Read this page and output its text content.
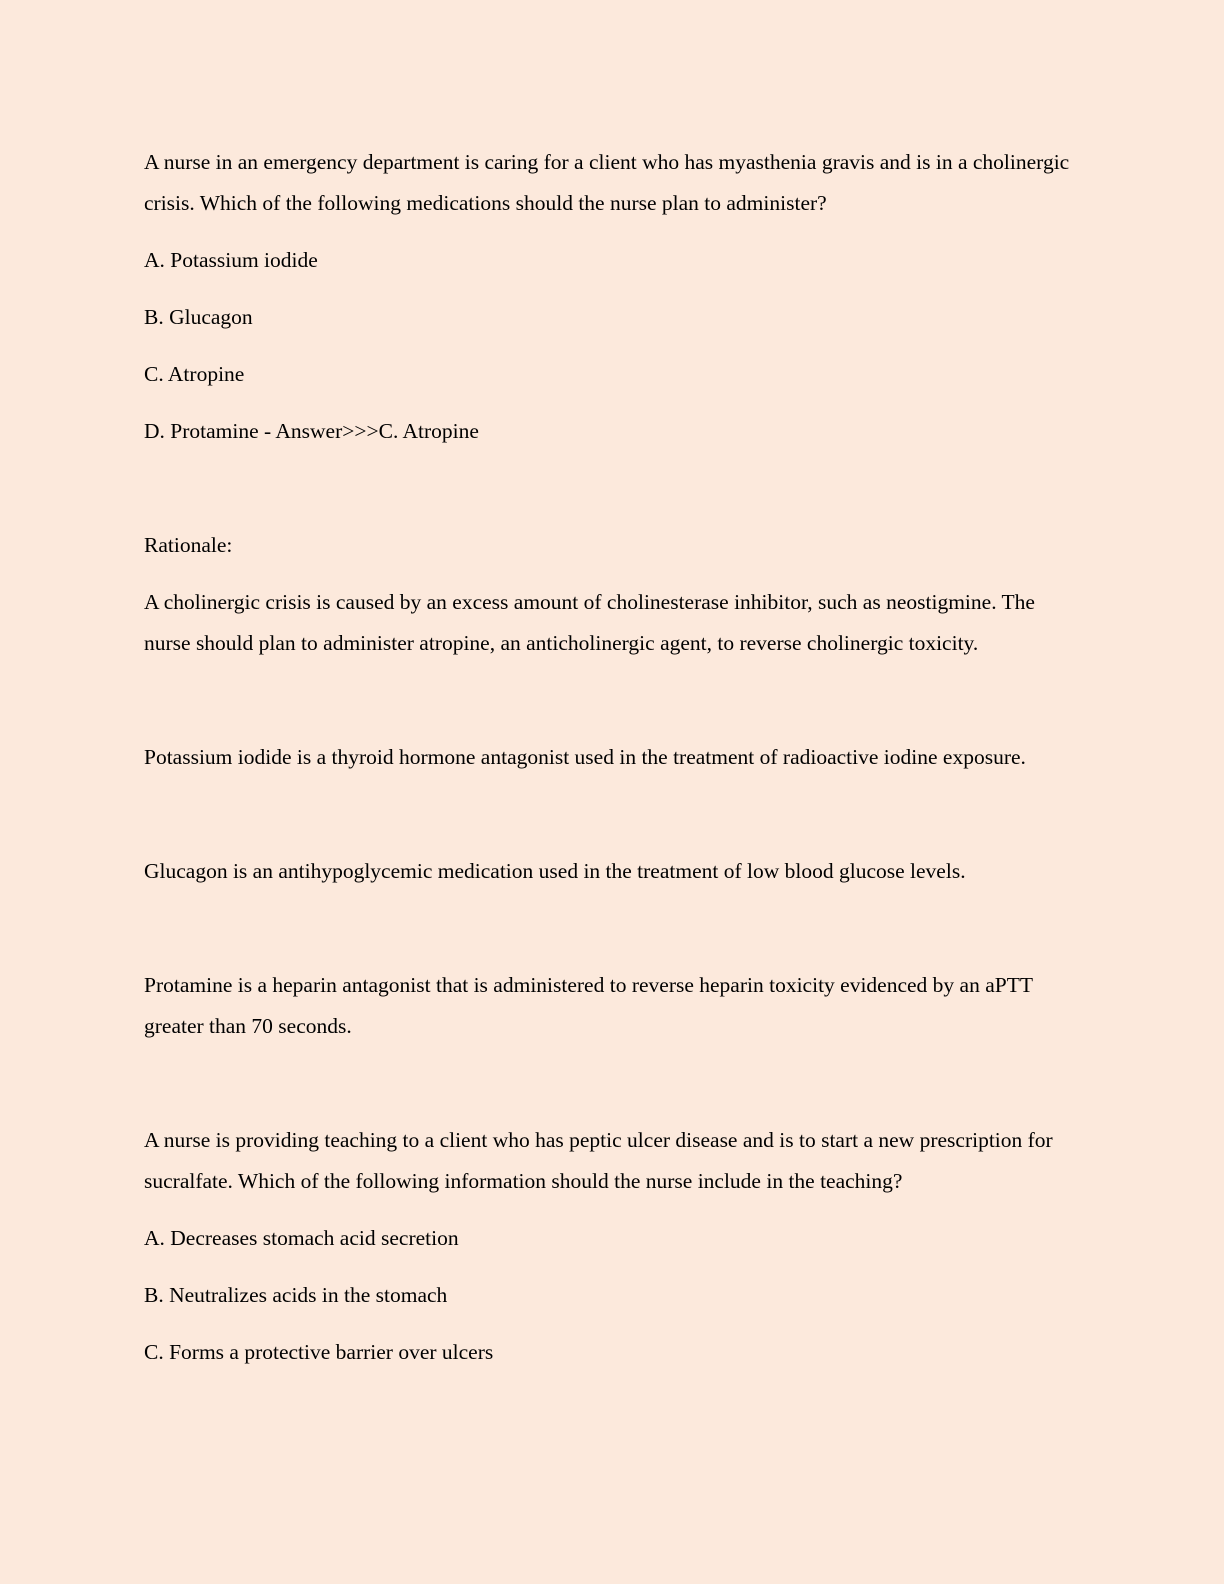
A nurse in an emergency department is caring for a client who has myasthenia gravis and is in a cholinergic crisis. Which of the following medications should the nurse plan to administer?

A. Potassium iodide

B. Glucagon

C. Atropine

D. Protamine - Answer>>>C. Atropine

Rationale:

A cholinergic crisis is caused by an excess amount of cholinesterase inhibitor, such as neostigmine. The nurse should plan to administer atropine, an anticholinergic agent, to reverse cholinergic toxicity.

Potassium iodide is a thyroid hormone antagonist used in the treatment of radioactive iodine exposure.

Glucagon is an antihypoglycemic medication used in the treatment of low blood glucose levels.

Protamine is a heparin antagonist that is administered to reverse heparin toxicity evidenced by an aPTT greater than 70 seconds.

A nurse is providing teaching to a client who has peptic ulcer disease and is to start a new prescription for sucralfate. Which of the following information should the nurse include in the teaching?

A. Decreases stomach acid secretion

B. Neutralizes acids in the stomach

C. Forms a protective barrier over ulcers
